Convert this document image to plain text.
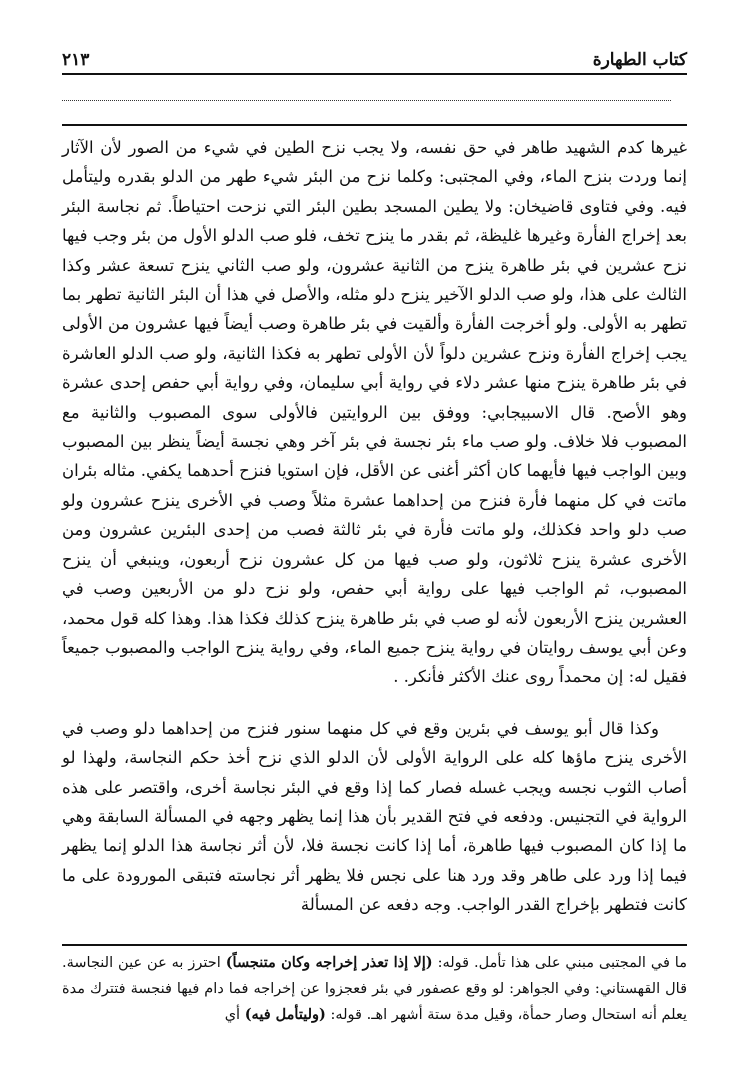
كتاب الطهارة
٢١٣

غيرها كدم الشهيد طاهر في حق نفسه، ولا يجب نزح الطين في شيء من الصور لأن الآثار إنما وردت بنزح الماء، وفي المجتبى: وكلما نزح من البئر شيء طهر من الدلو بقدره وليتأمل فيه. وفي فتاوى قاضيخان: ولا يطين المسجد بطين البئر التي نزحت احتياطاً. ثم نجاسة البئر بعد إخراج الفأرة وغيرها غليظة، ثم بقدر ما ينزح تخف، فلو صب الدلو الأول من بئر وجب فيها نزح عشرين في بئر طاهرة ينزح من الثانية عشرون، ولو صب الثاني ينزح تسعة عشر وكذا الثالث على هذا، ولو صب الدلو الآخير ينزح دلو مثله، والأصل في هذا أن البئر الثانية تطهر بما تطهر به الأولى. ولو أخرجت الفأرة وألقيت في بئر طاهرة وصب أيضاً فيها عشرون من الأولى يجب إخراج الفأرة ونزح عشرين دلواً لأن الأولى تطهر به فكذا الثانية، ولو صب الدلو العاشرة في بئر طاهرة ينزح منها عشر دلاء في رواية أبي سليمان، وفي رواية أبي حفص إحدى عشرة وهو الأصح. قال الاسبيجابي: ووفق بين الروايتين فالأولى سوى المصبوب والثانية مع المصبوب فلا خلاف. ولو صب ماء بئر نجسة في بئر آخر وهي نجسة أيضاً ينظر بين المصبوب وبين الواجب فيها فأيهما كان أكثر أغنى عن الأقل، فإن استويا فنزح أحدهما يكفي. مثاله بئران ماتت في كل منهما فأرة فنزح من إحداهما عشرة مثلاً وصب في الأخرى ينزح عشرون ولو صب دلو واحد فكذلك، ولو ماتت فأرة في بئر ثالثة فصب من إحدى البئرين عشرون ومن الأخرى عشرة ينزح ثلاثون، ولو صب فيها من كل عشرون نزح أربعون، وينبغي أن ينزح المصبوب، ثم الواجب فيها على رواية أبي حفص، ولو نزح دلو من الأربعين وصب في العشرين ينزح الأربعون لأنه لو صب في بئر طاهرة ينزح كذلك فكذا هذا. وهذا كله قول محمد، وعن أبي يوسف روايتان في رواية ينزح جميع الماء، وفي رواية ينزح الواجب والمصبوب جميعاً فقيل له: إن محمداً روى عنك الأكثر فأنكر. .

وكذا قال أبو يوسف في بئرين وقع في كل منهما سنور فنزح من إحداهما دلو وصب في الأخرى ينزح ماؤها كله على الرواية الأولى لأن الدلو الذي نزح أخذ حكم النجاسة، ولهذا لو أصاب الثوب نجسه ويجب غسله فصار كما إذا وقع في البئر نجاسة أخرى، واقتصر على هذه الرواية في التجنيس. ودفعه في فتح القدير بأن هذا إنما يظهر وجهه في المسألة السابقة وهي ما إذا كان المصبوب فيها طاهرة، أما إذا كانت نجسة فلا، لأن أثر نجاسة هذا الدلو إنما يظهر فيما إذا ورد على طاهر وقد ورد هنا على نجس فلا يظهر أثر نجاسته فتبقى المورودة على ما كانت فتطهر بإخراج القدر الواجب. وجه دفعه عن المسألة

ما في المجتبى مبني على هذا تأمل. قوله: (إلا إذا تعذر إخراجه وكان متنجساً) احترز به عن عين النجاسة. قال القهستاني: وفي الجواهر: لو وقع عصفور في بئر فعجزوا عن إخراجه فما دام فيها فنجسة فتترك مدة يعلم أنه استحال وصار حمأة، وقيل مدة ستة أشهر اهـ. قوله: (وليتأمل فيه) أي
